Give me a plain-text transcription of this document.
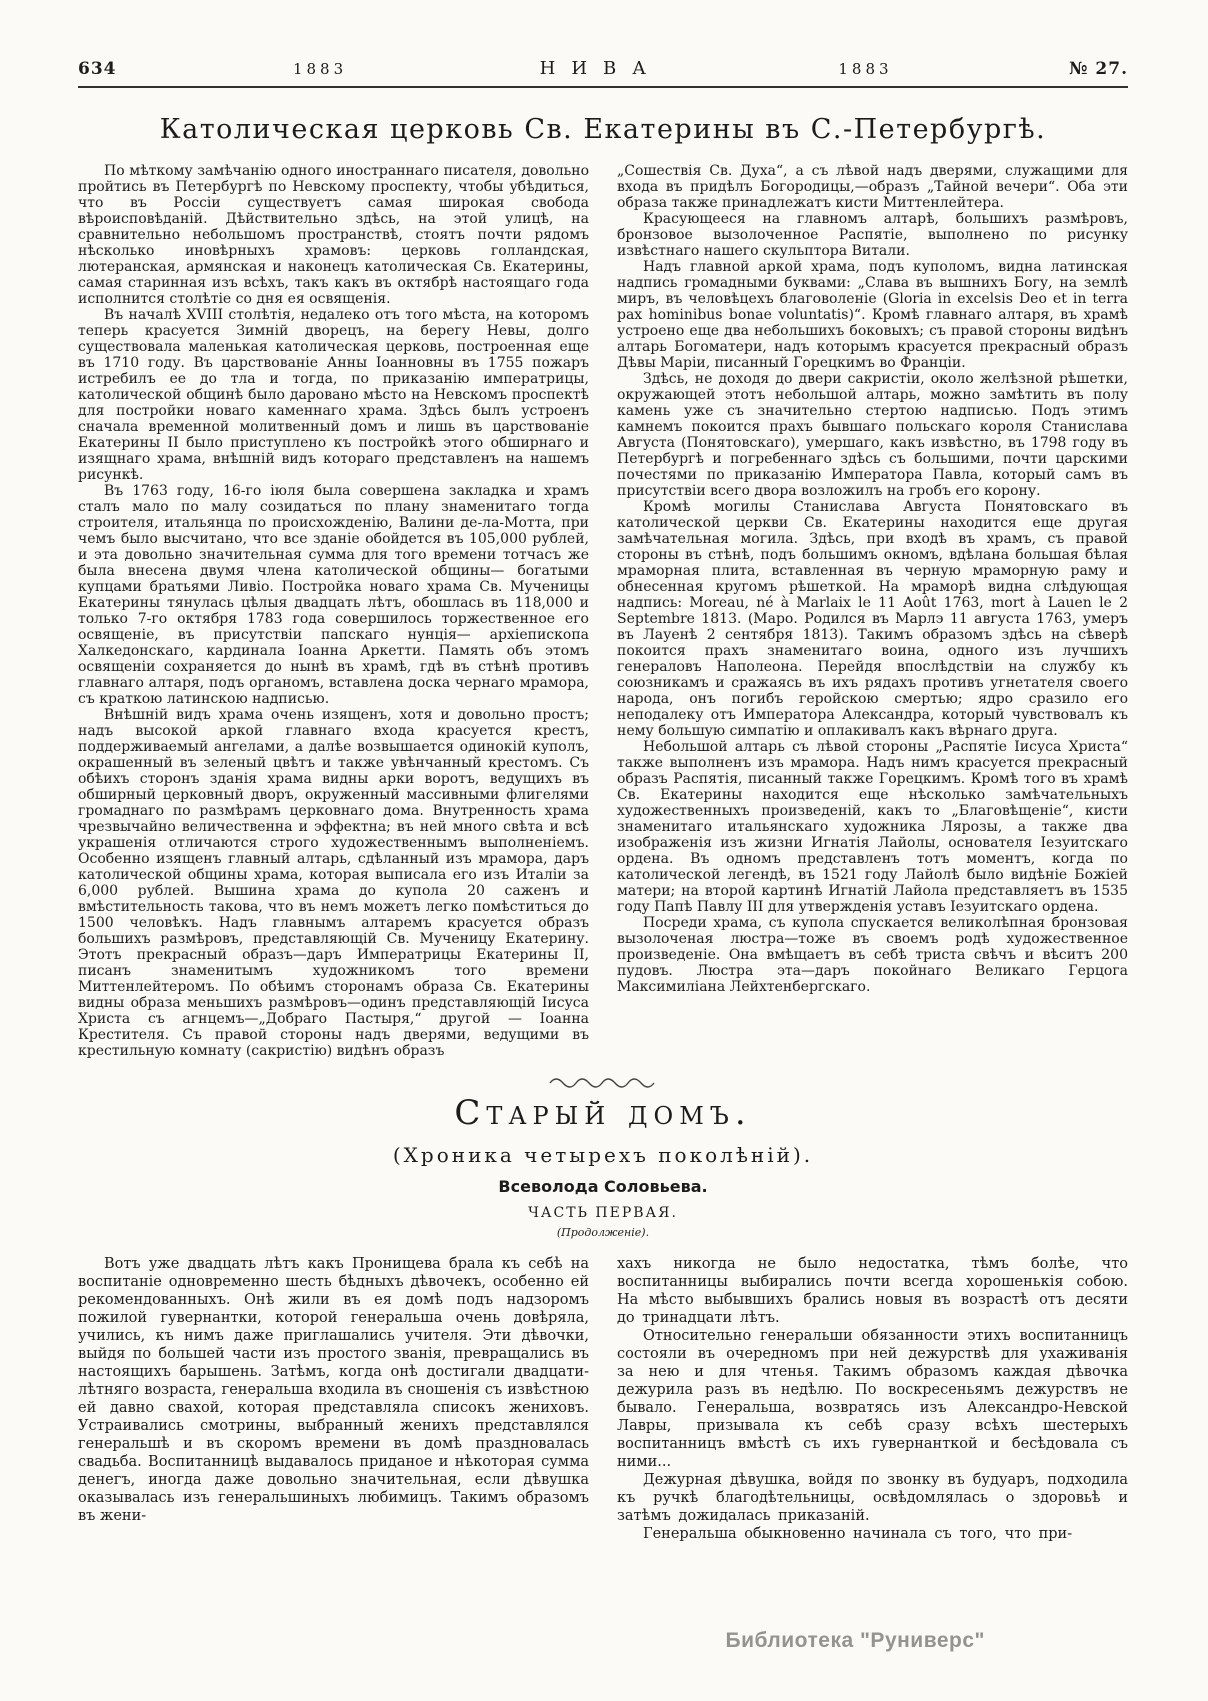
634	1883	НИВА	1883	№ 27.
Католическая церковь Св. Екатерины въ С.-Петербургѣ.

По мѣткому замѣчанію одного иностраннаго писателя, довольно пройтись въ Петербургѣ по Невскому проспекту, чтобы убѣдиться, что въ Россіи существуетъ самая широкая свобода вѣроисповѣданій. Дѣйствительно здѣсь, на этой улицѣ, на сравнительно небольшомъ пространствѣ, стоятъ почти рядомъ нѣсколько иновѣрныхъ храмовъ: церковь голландская, лютеранская, армянская и наконецъ католическая Св. Екатерины, самая старинная изъ всѣхъ, такъ какъ въ октябрѣ настоящаго года исполнится столѣтіе со дня ея освященія.

Въ началѣ XVIII столѣтія, недалеко отъ того мѣста, на которомъ теперь красуется Зимній дворецъ, на берегу Невы, долго существовала маленькая католическая церковь, построенная еще въ 1710 году. Въ царствованіе Анны Іоанновны въ 1755 пожаръ истребилъ ее до тла и тогда, по приказанію императрицы, католической общинѣ было даровано мѣсто на Невскомъ проспектѣ для постройки новаго каменнаго храма. Здѣсь былъ устроенъ сначала временной молитвенный домъ и лишь въ царствованіе Екатерины II было приступлено къ постройкѣ этого обширнаго и изящнаго храма, внѣшній видъ котораго представленъ на нашемъ рисункѣ.

Въ 1763 году, 16-го іюля была совершена закладка и храмъ сталъ мало по малу созидаться по плану знаменитаго тогда строителя, итальянца по происхожденію, Валини де-ла-Мотта, при чемъ было высчитано, что все зданіе обойдется въ 105,000 рублей, и эта довольно значительная сумма для того времени тотчасъ же была внесена двумя члена католической общины— богатыми купцами братьями Ливіо. Постройка новаго храма Св. Мученицы Екатерины тянулась цѣлыя двадцать лѣтъ, обошлась въ 118,000 и только 7-го октября 1783 года совершилось торжественное его освященіе, въ присутствіи папскаго нунція— архіепископа Халкедонскаго, кардинала Іоанна Аркетти. Память объ этомъ освященіи сохраняется до нынѣ въ храмѣ, гдѣ въ стѣнѣ противъ главнаго алтаря, подъ органомъ, вставлена доска чернаго мрамора, съ краткою латинскою надписью.

Внѣшній видъ храма очень изященъ, хотя и довольно простъ; надъ высокой аркой главнаго входа красуется крестъ, поддерживаемый ангелами, а далѣе возвышается одинокій куполъ, окрашенный въ зеленый цвѣтъ и также увѣнчанный крестомъ. Съ обѣихъ сторонъ зданія храма видны арки воротъ, ведущихъ въ обширный церковный дворъ, окруженный массивными флигелями громаднаго по размѣрамъ церковнаго дома. Внутренность храма чрезвычайно величественна и эффектна; въ ней много свѣта и всѣ украшенія отличаются строго художественнымъ выполненіемъ. Особенно изященъ главный алтарь, сдѣланный изъ мрамора, даръ католической общины храма, которая выписала его изъ Италіи за 6,000 рублей. Вышина храма до купола 20 саженъ и вмѣстительность такова, что въ немъ можетъ легко помѣститься до 1500 человѣкъ. Надъ главнымъ алтаремъ красуется образъ большихъ размѣровъ, представляющій Св. Мученицу Екатерину. Этотъ прекрасный образъ—даръ Императрицы Екатерины II, писанъ знаменитымъ художникомъ того времени Миттенлейтеромъ. По обѣимъ сторонамъ образа Св. Екатерины видны образа меньшихъ размѣровъ—одинъ представляющій Іисуса Христа съ агнцемъ—„Добраго Пастыря,“ другой — Іоанна Крестителя. Съ правой стороны надъ дверями, ведущими въ крестильную комнату (сакристію) видѣнъ образъ

„Сошествія Св. Духа“, а съ лѣвой надъ дверями, служащими для входа въ придѣлъ Богородицы,—образъ „Тайной вечери“. Оба эти образа также принадлежатъ кисти Миттенлейтера.

Красующееся на главномъ алтарѣ, большихъ размѣровъ, бронзовое вызолоченное Распятіе, выполнено по рисунку извѣстнаго нашего скульптора Витали.

Надъ главной аркой храма, подъ куполомъ, видна латинская надпись громадными буквами: „Слава въ вышнихъ Богу, на землѣ миръ, въ человѣцехъ благоволеніе (Gloria in excelsis Deo et in terra pax hominibus bonae voluntatis)“. Кромѣ главнаго алтаря, въ храмѣ устроено еще два небольшихъ боковыхъ; съ правой стороны видѣнъ алтарь Богоматери, надъ которымъ красуется прекрасный образъ Дѣвы Маріи, писанный Горецкимъ во Франціи.

Здѣсь, не доходя до двери сакристіи, около желѣзной рѣшетки, окружающей этотъ небольшой алтарь, можно замѣтить въ полу камень уже съ значительно стертою надписью. Подъ этимъ камнемъ покоится прахъ бывшаго польскаго короля Станислава Августа (Понятовскаго), умершаго, какъ извѣстно, въ 1798 году въ Петербургѣ и погребеннаго здѣсь съ большими, почти царскими почестями по приказанію Императора Павла, который самъ въ присутствіи всего двора возложилъ на гробъ его корону.

Кромѣ могилы Станислава Августа Понятовскаго въ католической церкви Св. Екатерины находится еще другая замѣчательная могила. Здѣсь, при входѣ въ храмъ, съ правой стороны въ стѣнѣ, подъ большимъ окномъ, вдѣлана большая бѣлая мраморная плита, вставленная въ черную мраморную раму и обнесенная кругомъ рѣшеткой. На мраморѣ видна слѣдующая надпись: Moreau, né à Marlaix le 11 Août 1763, mort à Lauen le 2 Septembre 1813. (Маро. Родился въ Марлэ 11 августа 1763, умеръ въ Лауенѣ 2 сентября 1813). Такимъ образомъ здѣсь на сѣверѣ покоится прахъ знаменитаго воина, одного изъ лучшихъ генераловъ Наполеона. Перейдя впослѣдствіи на службу къ союзникамъ и сражаясь въ ихъ рядахъ противъ угнетателя своего народа, онъ погибъ геройскою смертью; ядро сразило его неподалеку отъ Императора Александра, который чувствовалъ къ нему большую симпатію и оплакивалъ какъ вѣрнаго друга.

Небольшой алтарь съ лѣвой стороны „Распятіе Іисуса Христа“ также выполненъ изъ мрамора. Надъ нимъ красуется прекрасный образъ Распятія, писанный также Горецкимъ. Кромѣ того въ храмѣ Св. Екатерины находится еще нѣсколько замѣчательныхъ художественныхъ произведеній, какъ то „Благовѣщеніе“, кисти знаменитаго итальянскаго художника Лярозы, а также два изображенія изъ жизни Игнатія Лайолы, основателя Іезуитскаго ордена. Въ одномъ представленъ тотъ моментъ, когда по католической легендѣ, въ 1521 году Лайолѣ было видѣніе Божіей матери; на второй картинѣ Игнатій Лайола представляетъ въ 1535 году Папѣ Павлу III для утвержденія уставъ Іезуитскаго ордена.

Посреди храма, съ купола спускается великолѣпная бронзовая вызолоченая люстра—тоже въ своемъ родѣ художественное произведеніе. Она вмѣщаетъ въ себѣ триста свѣчъ и вѣситъ 200 пудовъ. Люстра эта—даръ покойнаго Великаго Герцога Максимиліана Лейхтенбергскаго.

Старый домъ.

(Хроника четырехъ поколѣній).

Всеволода Соловьева.

ЧАСТЬ ПЕРВАЯ.

(Продолженіе).

Вотъ уже двадцать лѣтъ какъ Пронищева брала къ себѣ на воспитаніе одновременно шесть бѣдныхъ дѣвочекъ, особенно ей рекомендованныхъ. Онѣ жили въ ея домѣ подъ надзоромъ пожилой гувернантки, которой генеральша очень довѣряла, учились, къ нимъ даже приглашались учителя. Эти дѣвочки, выйдя по большей части изъ простого званія, превращались въ настоящихъ барышень. Затѣмъ, когда онѣ достигали двадцати-лѣтняго возраста, генеральша входила въ сношенія съ извѣстною ей давно свахой, которая представляла списокъ жениховъ. Устраивались смотрины, выбранный женихъ представлялся генеральшѣ и въ скоромъ времени въ домѣ праздновалась свадьба. Воспитанницѣ выдавалось приданое и нѣкоторая сумма денегъ, иногда даже довольно значительная, если дѣвушка оказывалась изъ генеральшиныхъ любимицъ. Такимъ образомъ въ жени-

хахъ никогда не было недостатка, тѣмъ болѣе, что воспитанницы выбирались почти всегда хорошенькія собою. На мѣсто выбывшихъ брались новыя въ возрастѣ отъ десяти до тринадцати лѣтъ.

Относительно генеральши обязанности этихъ воспитанницъ состояли въ очередномъ при ней дежурствѣ для ухаживанія за нею и для чтенья. Такимъ образомъ каждая дѣвочка дежурила разъ въ недѣлю. По воскресеньямъ дежурствъ не бывало. Генеральша, возвратясь изъ Александро-Невской Лавры, призывала къ себѣ сразу всѣхъ шестерыхъ воспитанницъ вмѣстѣ съ ихъ гувернанткой и бесѣдовала съ ними...

Дежурная дѣвушка, войдя по звонку въ будуаръ, подходила къ ручкѣ благодѣтельницы, освѣдомлялась о здоровьѣ и затѣмъ дожидалась приказаній.

Генеральша обыкновенно начинала съ того, что при-

Библиотека "Руниверс"
